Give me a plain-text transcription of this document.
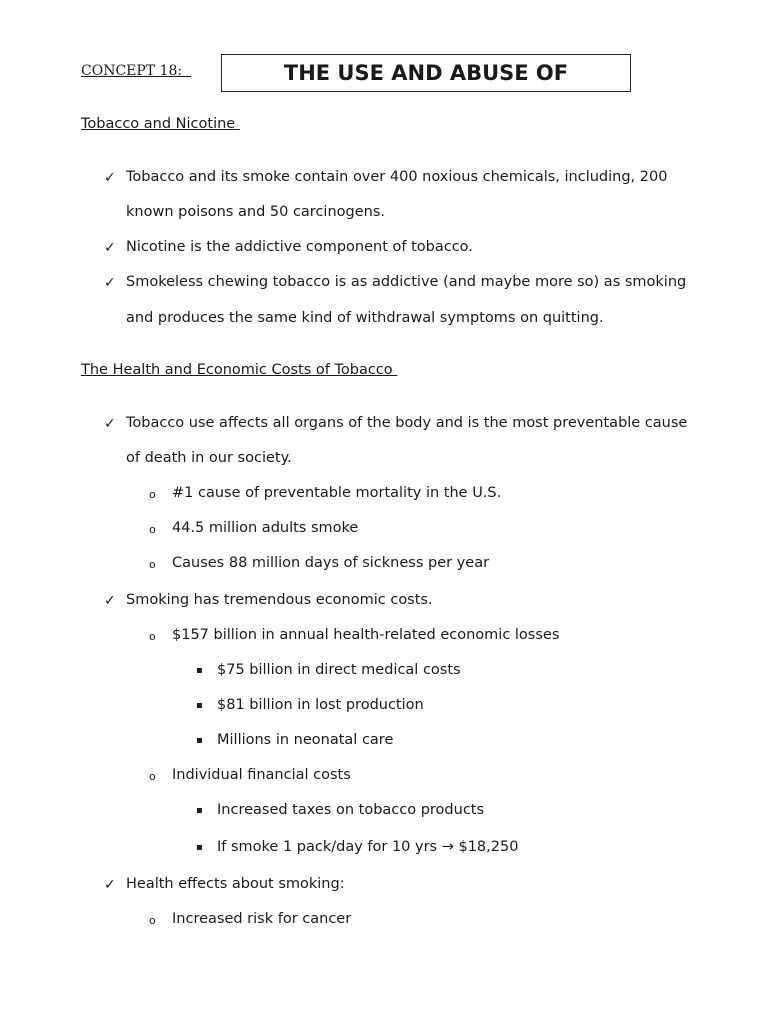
CONCEPT 18:	THE USE AND ABUSE OF
Tobacco and Nicotine
✓ Tobacco and its smoke contain over 400 noxious chemicals, including, 200
known poisons and 50 carcinogens.
✓ Nicotine is the addictive component of tobacco.
✓ Smokeless chewing tobacco is as addictive (and maybe more so) as smoking
and produces the same kind of withdrawal symptoms on quitting.
The Health and Economic Costs of Tobacco
✓ Tobacco use affects all organs of the body and is the most preventable cause
of death in our society.
o #1 cause of preventable mortality in the U.S.
o 44.5 million adults smoke
o Causes 88 million days of sickness per year
✓ Smoking has tremendous economic costs.
o $157 billion in annual health-related economic losses
▪ $75 billion in direct medical costs
▪ $81 billion in lost production
▪ Millions in neonatal care
o Individual financial costs
▪ Increased taxes on tobacco products
▪ If smoke 1 pack/day for 10 yrs → $18,250
✓ Health effects about smoking:
o Increased risk for cancer
